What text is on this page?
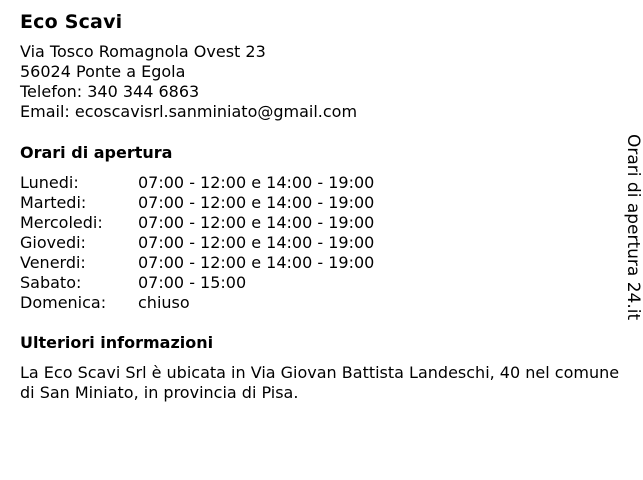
Eco Scavi
Via Tosco Romagnola Ovest 23
56024 Ponte a Egola
Telefon: 340 344 6863
Email: ecoscavisrl.sanminiato@gmail.com
Orari di apertura
Lunedi:	07:00 - 12:00 e 14:00 - 19:00
Martedi:	07:00 - 12:00 e 14:00 - 19:00
Mercoledi:	07:00 - 12:00 e 14:00 - 19:00
Giovedi:	07:00 - 12:00 e 14:00 - 19:00
Venerdi:	07:00 - 12:00 e 14:00 - 19:00
Sabato:	07:00 - 15:00
Domenica:	chiuso
Ulteriori informazioni
La Eco Scavi Srl è ubicata in Via Giovan Battista Landeschi, 40 nel comune di San Miniato, in provincia di Pisa.
Orari di apertura 24.it
